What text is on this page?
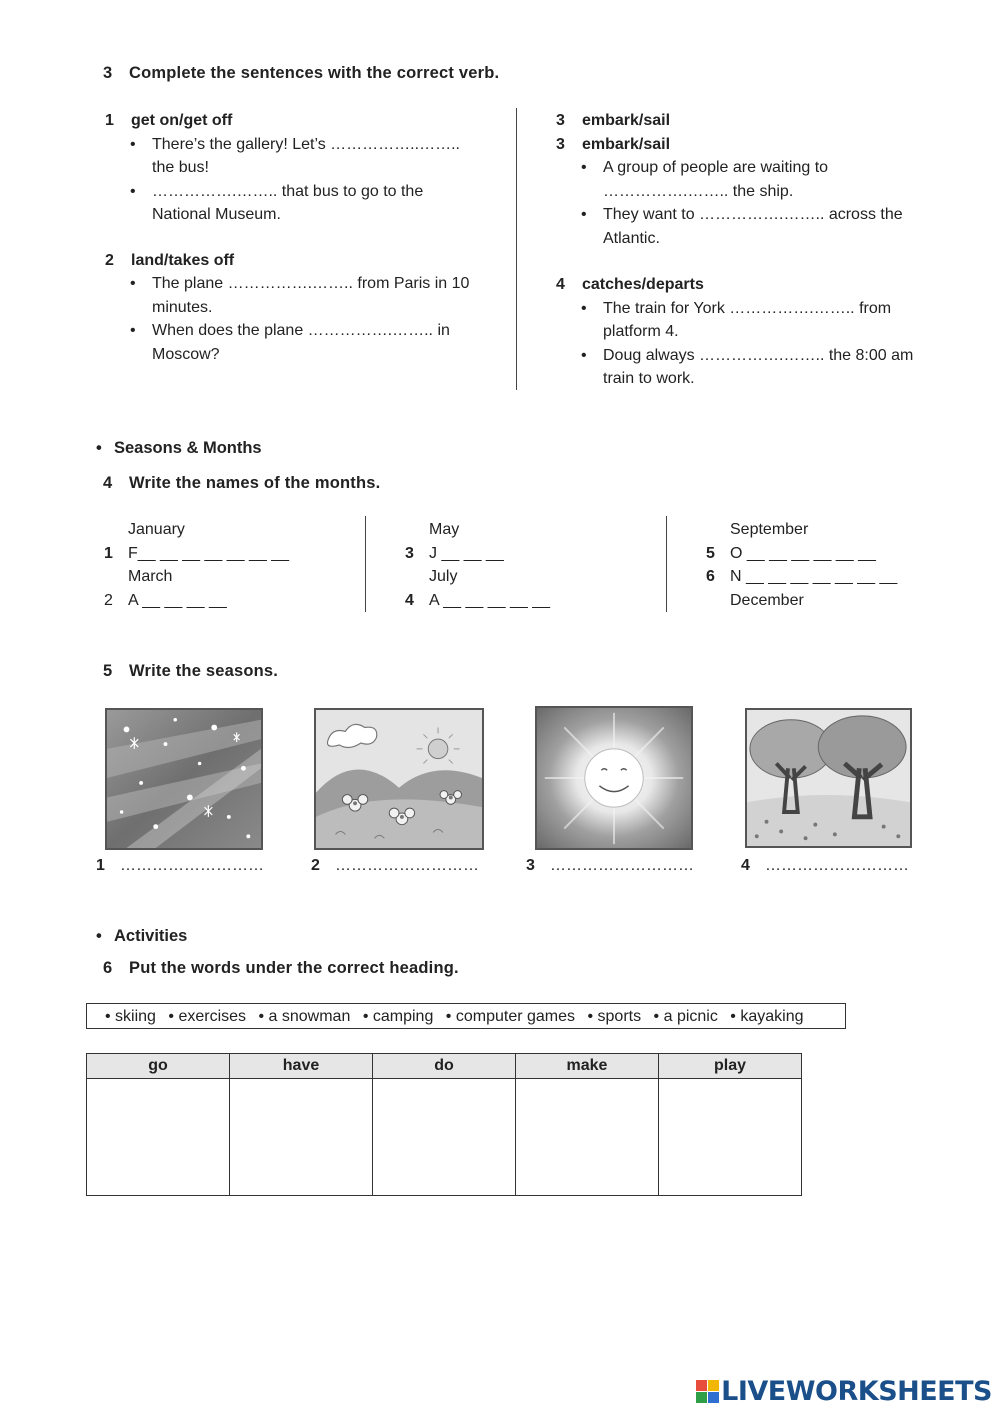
3 Complete the sentences with the correct verb.
1 get on/get off
• There’s the gallery! Let’s ……………..……..
the bus!
• …………….…….. that bus to go to the
National Museum.
2 land/takes off
• The plane …………….…….. from Paris in 10
minutes.
• When does the plane …………….…….. in
Moscow?
3 embark/sail
3 embark/sail
• A group of people are waiting to
…………….…….. the ship.
• They want to …………….…….. across the
Atlantic.
4 catches/departs
• The train for York …………….…….. from
platform 4.
• Doug always …………….…….. the 8:00 am
train to work.
• Seasons & Months
4 Write the names of the months.
January
1 F__ __ __ __ __ __ __
March
2 A __ __ __ __
May
3 J __ __ __
July
4 A __ __ __ __ __
September
5 O __ __ __ __ __ __
6 N __ __ __ __ __ __ __
December
5 Write the seasons.
1 ………………………	2 ………………………	3 ………………………	4 ………………………
• Activities
6 Put the words under the correct heading.
• skiing • exercises • a snowman • camping • computer games • sports • a picnic • kayaking
go	have	do	make	play

LIVEWORKSHEETS
